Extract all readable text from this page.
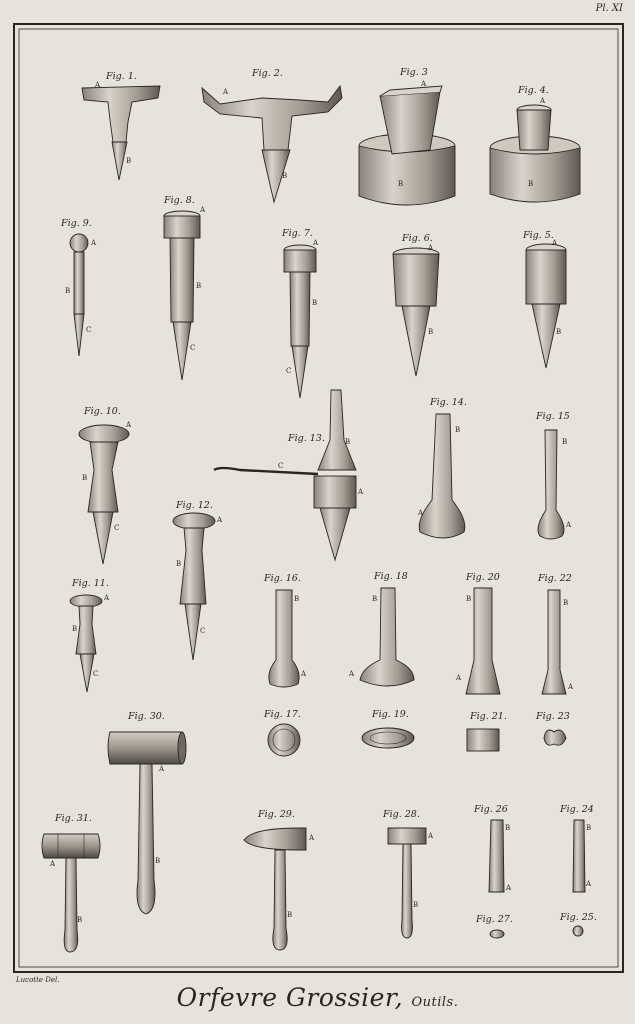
Fig. 1.	Fig. 2.	Fig. 3
Fig. 4.
Fig. 5.
Fig. 6.
Fig. 7.
Fig. 8.
Fig. 9.
Fig. 10.
Fig. 11.
Fig. 12.
Fig. 13.
Fig. 14.
Fig. 15
Fig. 16.
Fig. 17.
Fig. 18
Fig. 19.
Fig. 20
Fig. 21.
Fig. 22
Fig. 23
Fig. 24
Fig. 25.
Fig. 26
Fig. 27.
Fig. 28.
Fig. 29.
Fig. 30.
Fig. 31.
A
B
A
B
A
B
A
B
A
B
C
A
B
C
A
B
C
A
B
A
B
A
B
C
B
C
A
B
A
B
A
A
B
C
A
B
C
B
A
B
A
B
A
B
A
A
B
A
B
A
B
A
B
B
A
B
A
Pl. XI
Lucotte Del.
Orfevre Grossier, Outils.
